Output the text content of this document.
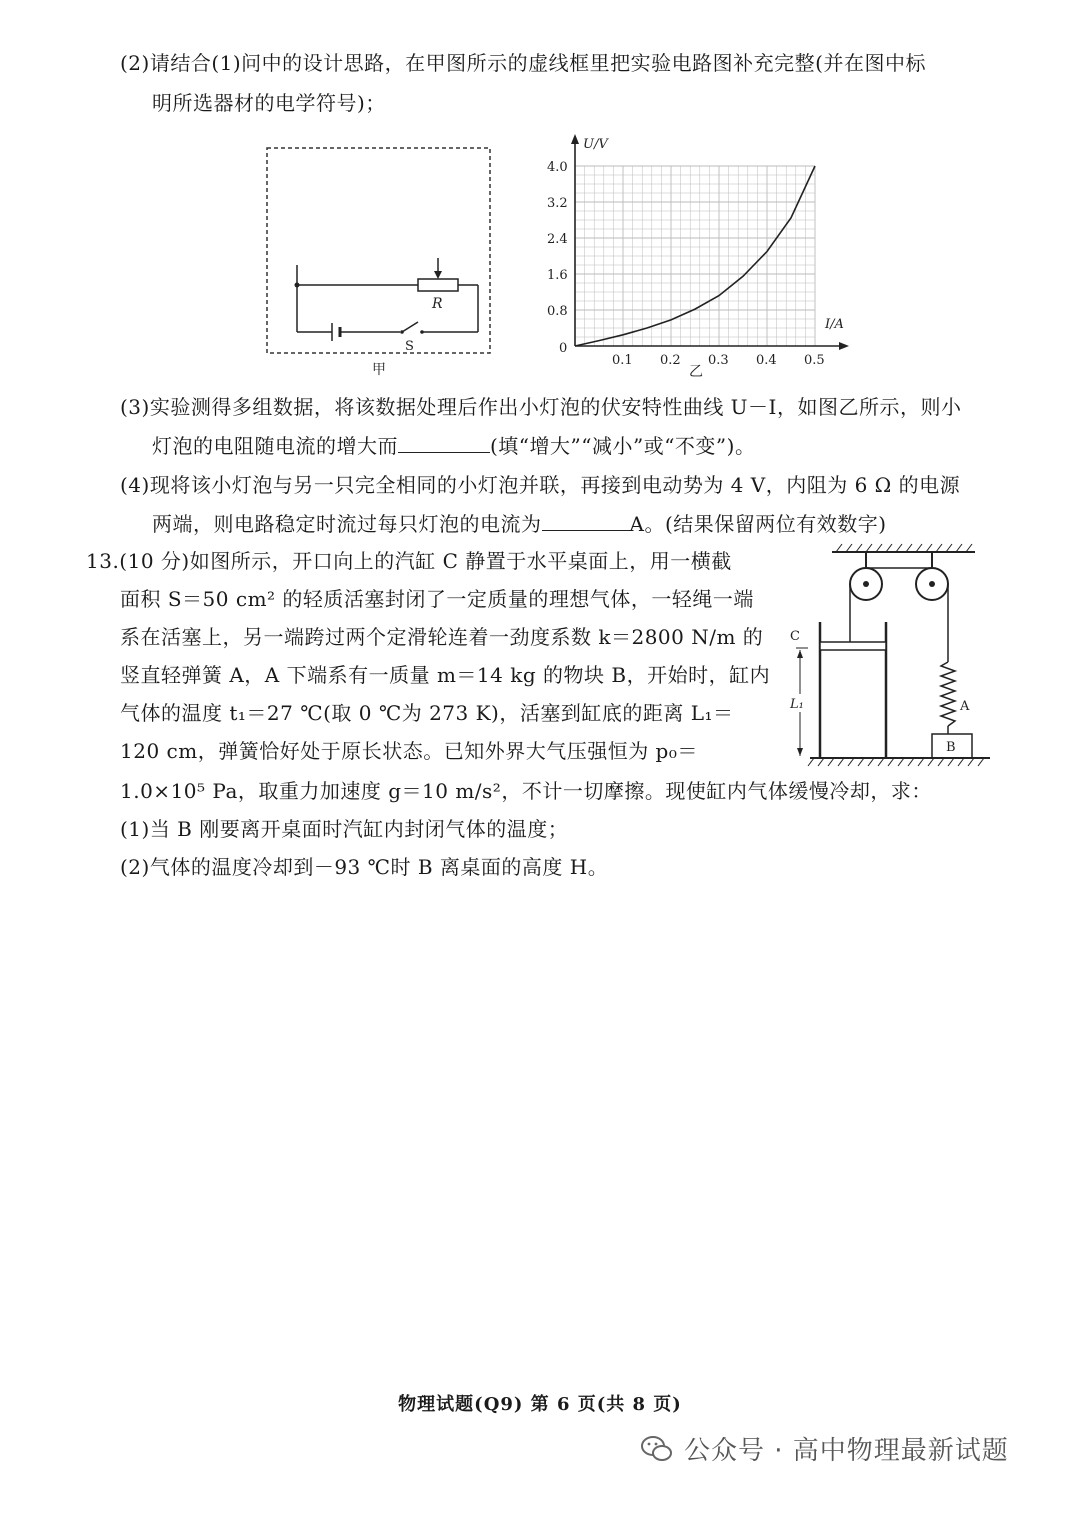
(2)请结合(1)问中的设计思路，在甲图所示的虚线框里把实验电路图补充完整(并在图中标
明所选器材的电学符号)；
R
S
甲
U/V
I/A
0
乙
0.1 0.2 0.3 0.4 0.5
0.8
1.6
2.4
3.2
4.0
(3)实验测得多组数据，将该数据处理后作出小灯泡的伏安特性曲线 U－I，如图乙所示，则小
灯泡的电阻随电流的增大而	(填“增大”“减小”或“不变”)。
(4)现将该小灯泡与另一只完全相同的小灯泡并联，再接到电动势为 4 V，内阻为 6 Ω 的电源
两端，则电路稳定时流过每只灯泡的电流为	A。(结果保留两位有效数字)
13.(10 分)如图所示，开口向上的汽缸 C 静置于水平桌面上，用一横截
面积 S＝50 cm² 的轻质活塞封闭了一定质量的理想气体，一轻绳一端
系在活塞上，另一端跨过两个定滑轮连着一劲度系数 k＝2800 N/m 的
竖直轻弹簧 A，A 下端系有一质量 m＝14 kg 的物块 B，开始时，缸内
气体的温度 t₁＝27 ℃(取 0 ℃为 273 K)，活塞到缸底的距离 L₁＝
120 cm，弹簧恰好处于原长状态。已知外界大气压强恒为 p₀＝
1.0×10⁵ Pa，取重力加速度 g＝10 m/s²，不计一切摩擦。现使缸内气体缓慢冷却，求：
(1)当 B 刚要离开桌面时汽缸内封闭气体的温度；
(2)气体的温度冷却到－93 ℃时 B 离桌面的高度 H。
A
B
C
L₁
物理试题(Q9) 第 6 页(共 8 页)
公众号 · 高中物理最新试题
